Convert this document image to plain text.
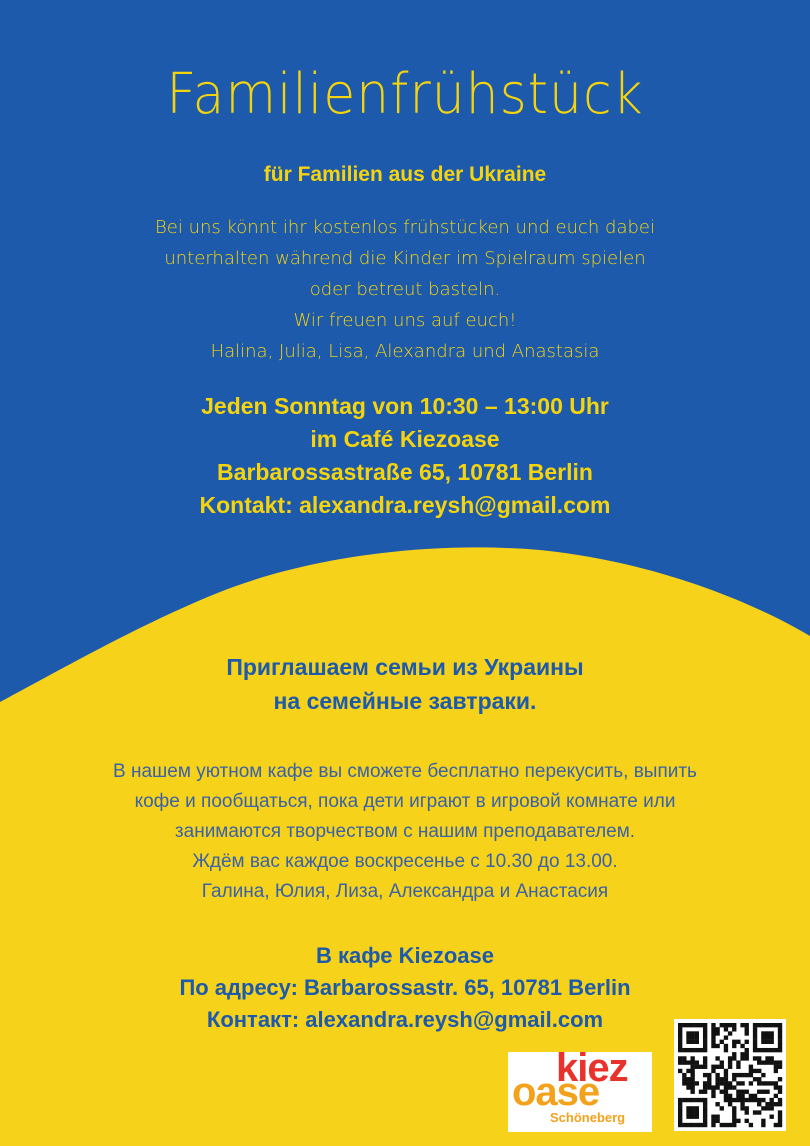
Familienfrühstück
für Familien aus der Ukraine
Bei uns könnt ihr kostenlos frühstücken und euch dabei
unterhalten während die Kinder im Spielraum spielen
oder betreut basteln.
Wir freuen uns auf euch!
Halina, Julia, Lisa, Alexandra und Anastasia
Jeden Sonntag von 10:30 – 13:00 Uhr
im Café Kiezoase
Barbarossastraße 65, 10781 Berlin
Kontakt: alexandra.reysh@gmail.com
Приглашаем семьи из Украины
на семейные завтраки.
В нашем уютном кафе вы сможете бесплатно перекусить, выпить
кофе и пообщаться, пока дети играют в игровой комнате или
занимаются творчеством с нашим преподавателем.
Ждём вас каждое воскресенье с 10.30 до 13.00.
Галина, Юлия, Лиза, Александра и Анастасия
В кафе Kiezoase
По адресу: Barbarossastr. 65, 10781 Berlin
Контакт: alexandra.reysh@gmail.com
kiez
oase
Schöneberg
